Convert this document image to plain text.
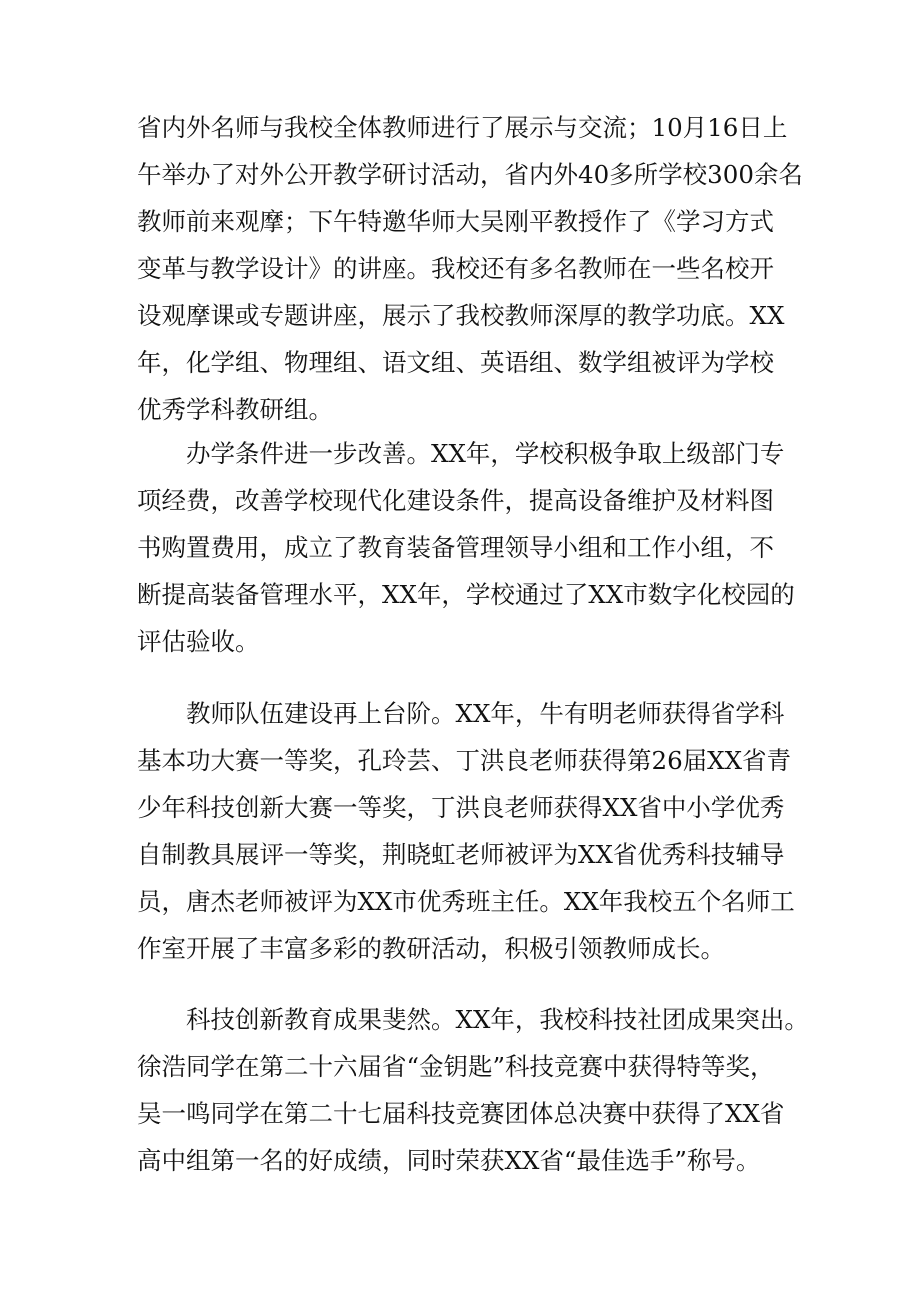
省内外名师与我校全体教师进行了展示与交流；10月16日上
午举办了对外公开教学研讨活动，省内外40多所学校300余名
教师前来观摩；下午特邀华师大吴刚平教授作了《学习方式
变革与教学设计》的讲座。我校还有多名教师在一些名校开
设观摩课或专题讲座，展示了我校教师深厚的教学功底。XX
年，化学组、物理组、语文组、英语组、数学组被评为学校
优秀学科教研组。
办学条件进一步改善。XX年，学校积极争取上级部门专
项经费，改善学校现代化建设条件，提高设备维护及材料图
书购置费用，成立了教育装备管理领导小组和工作小组，不
断提高装备管理水平，XX年，学校通过了XX市数字化校园的
评估验收。
教师队伍建设再上台阶。XX年，牛有明老师获得省学科
基本功大赛一等奖，孔玲芸、丁洪良老师获得第26届XX省青
少年科技创新大赛一等奖，丁洪良老师获得XX省中小学优秀
自制教具展评一等奖，荆晓虹老师被评为XX省优秀科技辅导
员，唐杰老师被评为XX市优秀班主任。XX年我校五个名师工
作室开展了丰富多彩的教研活动，积极引领教师成长。
科技创新教育成果斐然。XX年，我校科技社团成果突出。
徐浩同学在第二十六届省“金钥匙”科技竞赛中获得特等奖，
吴一鸣同学在第二十七届科技竞赛团体总决赛中获得了XX省
高中组第一名的好成绩，同时荣获XX省“最佳选手”称号。
